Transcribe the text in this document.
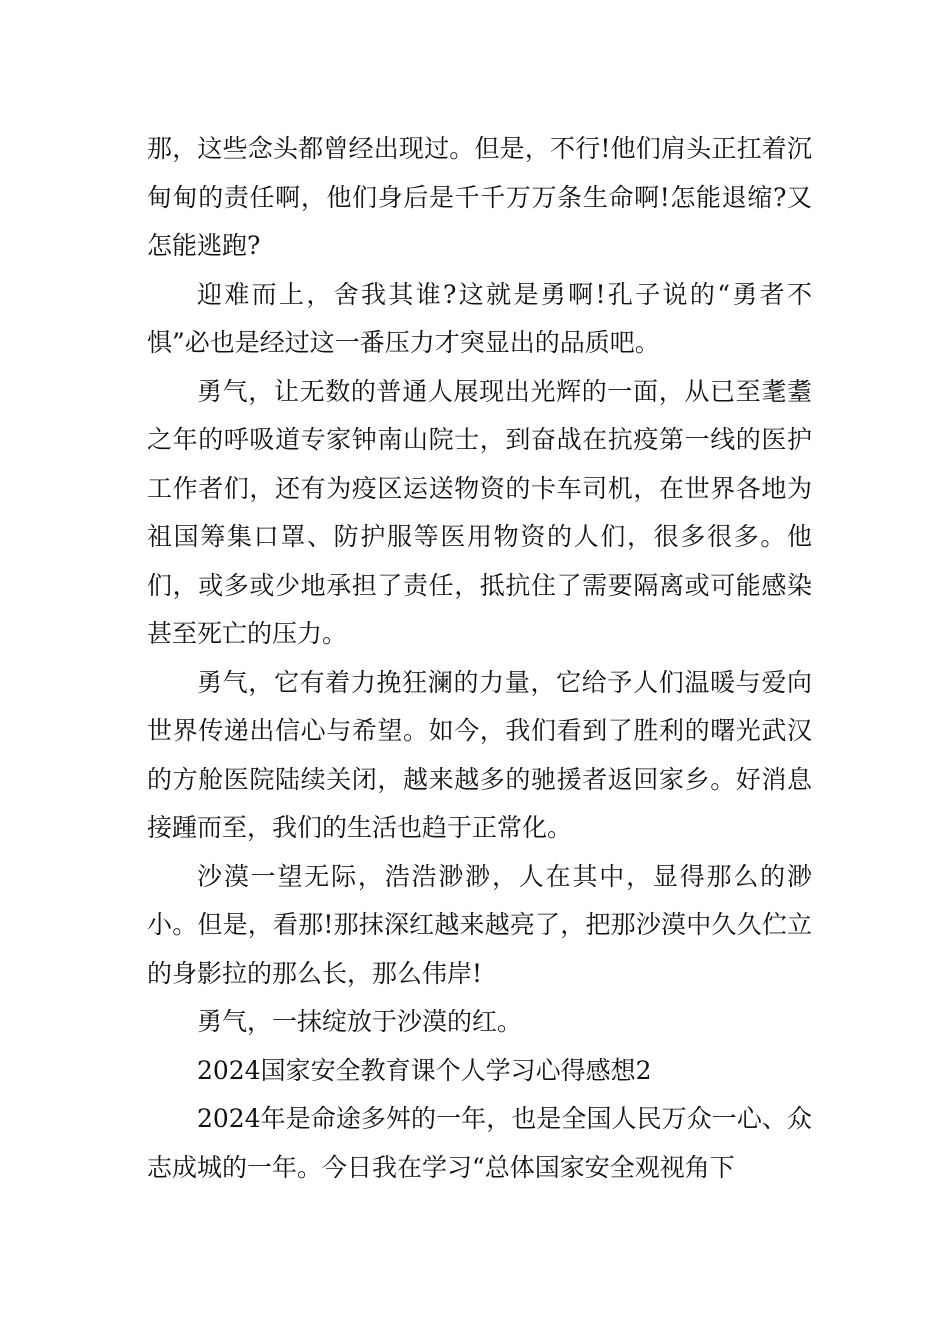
那，这些念头都曾经出现过。但是，不行!他们肩头正扛着沉甸甸的责任啊，他们身后是千千万万条生命啊!怎能退缩?又怎能逃跑?

迎难而上，舍我其谁?这就是勇啊!孔子说的“勇者不惧”必也是经过这一番压力才突显出的品质吧。

勇气，让无数的普通人展现出光辉的一面，从已至耄耋之年的呼吸道专家钟南山院士，到奋战在抗疫第一线的医护工作者们，还有为疫区运送物资的卡车司机，在世界各地为祖国筹集口罩、防护服等医用物资的人们，很多很多。他们，或多或少地承担了责任，抵抗住了需要隔离或可能感染甚至死亡的压力。

勇气，它有着力挽狂澜的力量，它给予人们温暖与爱向世界传递出信心与希望。如今，我们看到了胜利的曙光武汉的方舱医院陆续关闭，越来越多的驰援者返回家乡。好消息接踵而至，我们的生活也趋于正常化。

沙漠一望无际，浩浩渺渺，人在其中，显得那么的渺小。但是，看那!那抹深红越来越亮了，把那沙漠中久久伫立的身影拉的那么长，那么伟岸!

勇气，一抹绽放于沙漠的红。

2024国家安全教育课个人学习心得感想2

2024年是命途多舛的一年，也是全国人民万众一心、众志成城的一年。今日我在学习“总体国家安全观视角下
